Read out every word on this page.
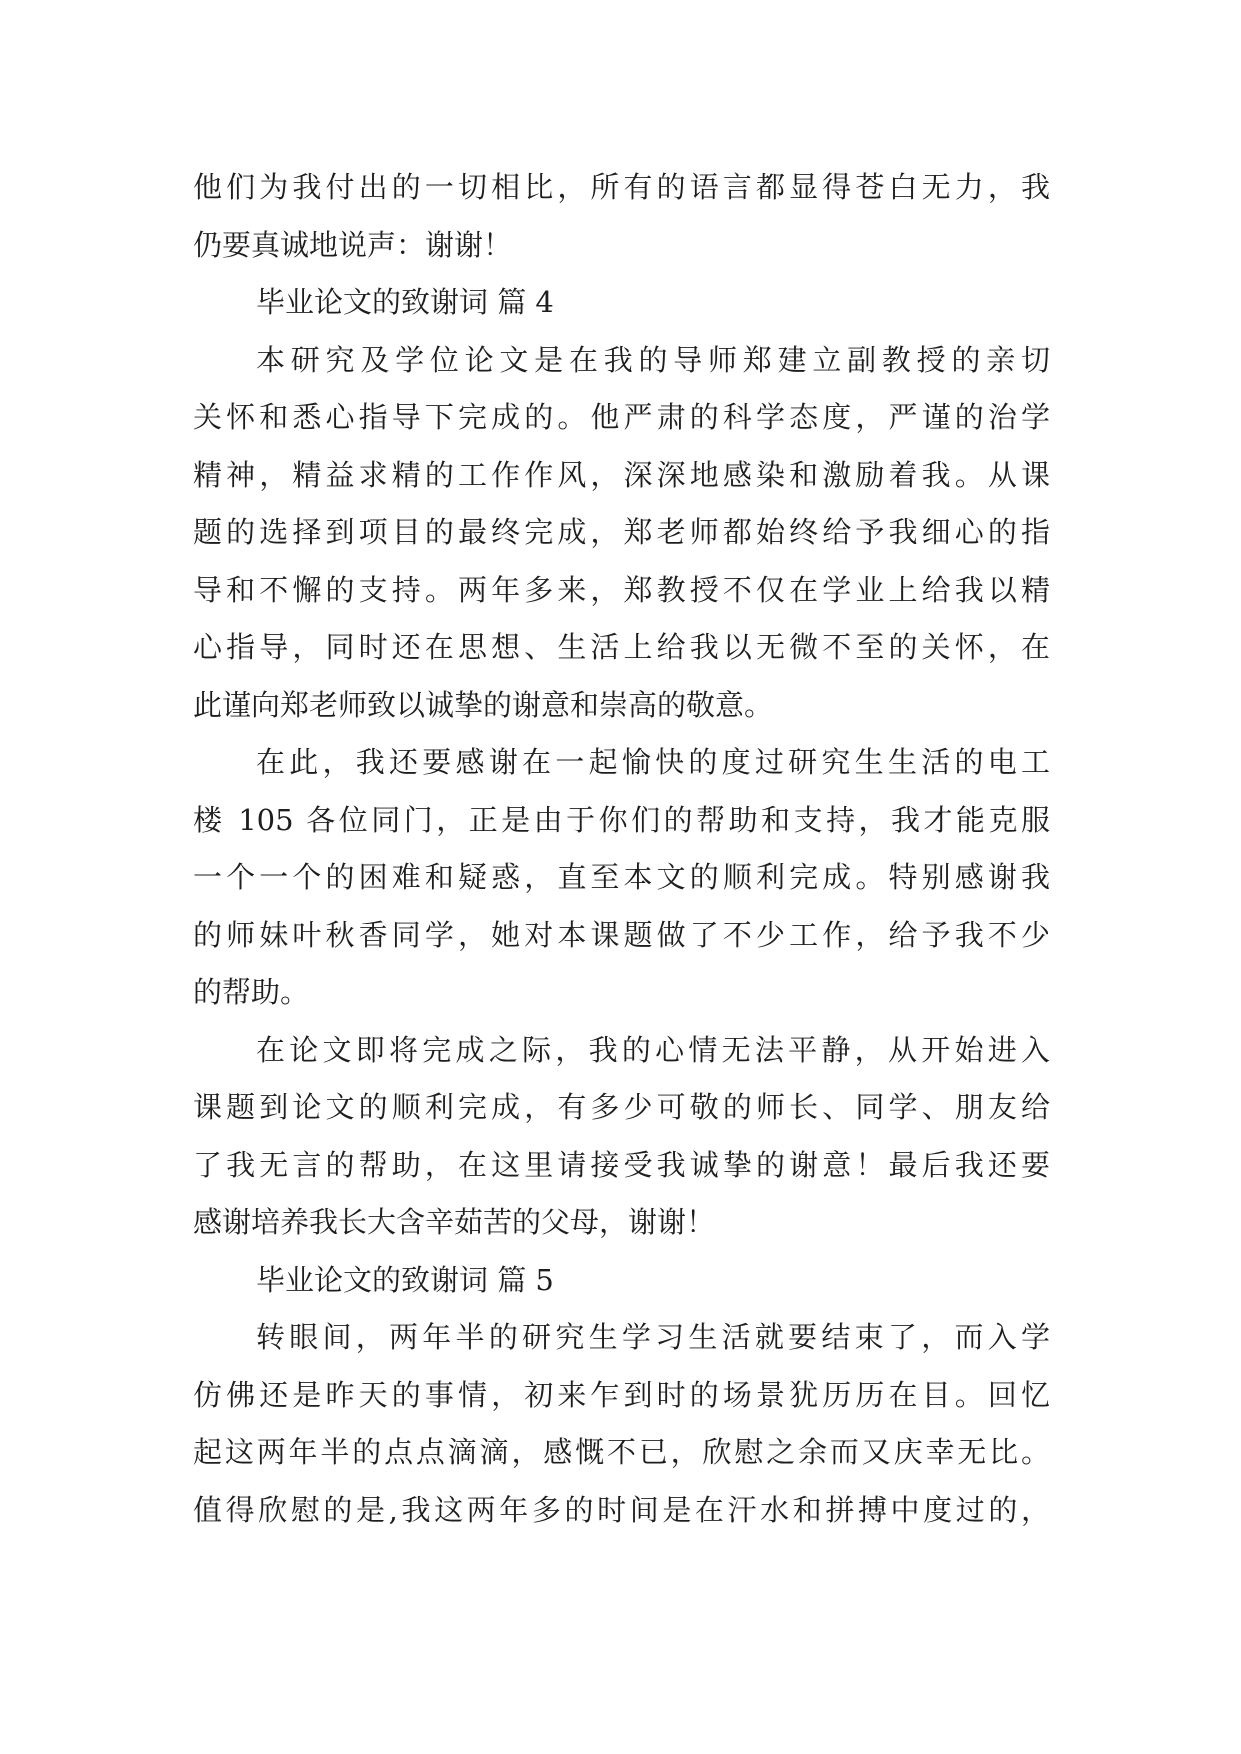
他们为我付出的一切相比，所有的语言都显得苍白无力，我
仍要真诚地说声：谢谢！
毕业论文的致谢词 篇 4
本研究及学位论文是在我的导师郑建立副教授的亲切
关怀和悉心指导下完成的。他严肃的科学态度，严谨的治学
精神，精益求精的工作作风，深深地感染和激励着我。从课
题的选择到项目的最终完成，郑老师都始终给予我细心的指
导和不懈的支持。两年多来，郑教授不仅在学业上给我以精
心指导，同时还在思想、生活上给我以无微不至的关怀，在
此谨向郑老师致以诚挚的谢意和崇高的敬意。
在此，我还要感谢在一起愉快的度过研究生生活的电工
楼 105 各位同门，正是由于你们的帮助和支持，我才能克服
一个一个的困难和疑惑，直至本文的顺利完成。特别感谢我
的师妹叶秋香同学，她对本课题做了不少工作，给予我不少
的帮助。
在论文即将完成之际，我的心情无法平静，从开始进入
课题到论文的顺利完成，有多少可敬的师长、同学、朋友给
了我无言的帮助，在这里请接受我诚挚的谢意！最后我还要
感谢培养我长大含辛茹苦的父母，谢谢！
毕业论文的致谢词 篇 5
转眼间，两年半的研究生学习生活就要结束了，而入学
仿佛还是昨天的事情，初来乍到时的场景犹历历在目。回忆
起这两年半的点点滴滴，感慨不已，欣慰之余而又庆幸无比。
值得欣慰的是,我这两年多的时间是在汗水和拼搏中度过的，
